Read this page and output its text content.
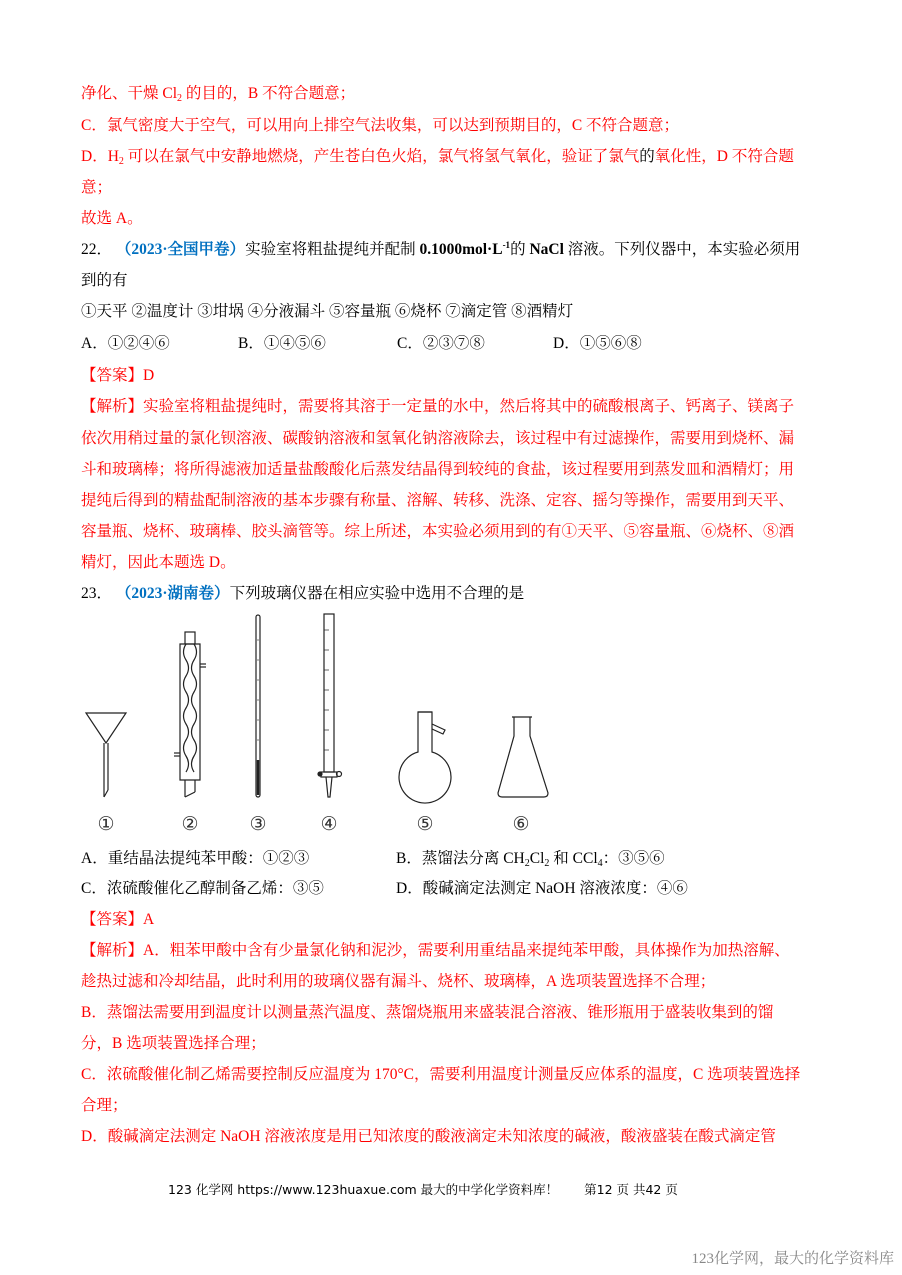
净化、干燥 $Cl_2$ 的目的，B 不符合题意；
C．氯气密度大于空气，可以用向上排空气法收集，可以达到预期目的，C 不符合题意；
D．$H_2$ 可以在氯气中安静地燃烧，产生苍白色火焰，氯气将氢气氧化，验证了氯气的氧化性，D 不符合题
意；
故选 A。
22． （2023·全国甲卷）实验室将粗盐提纯并配制 $0.1000mol\cdot L^{-1}$的 NaCl 溶液。下列仪器中，本实验必须用
到的有
①天平 ②温度计 ③坩埚 ④分液漏斗 ⑤容量瓶 ⑥烧杯 ⑦滴定管 ⑧酒精灯
A．①②④⑥	B．①④⑤⑥	C．②③⑦⑧	D．①⑤⑥⑧
【答案】D
【解析】实验室将粗盐提纯时，需要将其溶于一定量的水中，然后将其中的硫酸根离子、钙离子、镁离子
依次用稍过量的氯化钡溶液、碳酸钠溶液和氢氧化钠溶液除去，该过程中有过滤操作，需要用到烧杯、漏
斗和玻璃棒；将所得滤液加适量盐酸酸化后蒸发结晶得到较纯的食盐，该过程要用到蒸发皿和酒精灯；用
提纯后得到的精盐配制溶液的基本步骤有称量、溶解、转移、洗涤、定容、摇匀等操作，需要用到天平、
容量瓶、烧杯、玻璃棒、胶头滴管等。综上所述，本实验必须用到的有①天平、⑤容量瓶、⑥烧杯、⑧酒
精灯，因此本题选 D。
23． （2023·湖南卷）下列玻璃仪器在相应实验中选用不合理的是
①	②	③	④	⑤	⑥
A．重结晶法提纯苯甲酸：①②③	B．蒸馏法分离 $CH_2Cl_2$ 和 CCl$_4$：③⑤⑥
C．浓硫酸催化乙醇制备乙烯：③⑤	D．酸碱滴定法测定 NaOH 溶液浓度：④⑥
【答案】A
【解析】A．粗苯甲酸中含有少量氯化钠和泥沙，需要利用重结晶来提纯苯甲酸，具体操作为加热溶解、
趁热过滤和冷却结晶，此时利用的玻璃仪器有漏斗、烧杯、玻璃棒，A 选项装置选择不合理；
B．蒸馏法需要用到温度计以测量蒸汽温度、蒸馏烧瓶用来盛装混合溶液、锥形瓶用于盛装收集到的馏
分，B 选项装置选择合理；
C．浓硫酸催化制乙烯需要控制反应温度为 170°C，需要利用温度计测量反应体系的温度，C 选项装置选择
合理；
D．酸碱滴定法测定 NaOH 溶液浓度是用已知浓度的酸液滴定未知浓度的碱液，酸液盛装在酸式滴定管
123 化学网 https://www.123huaxue.com 最大的中学化学资料库！ 第12 页 共42 页
123化学网，最大的化学资料库
